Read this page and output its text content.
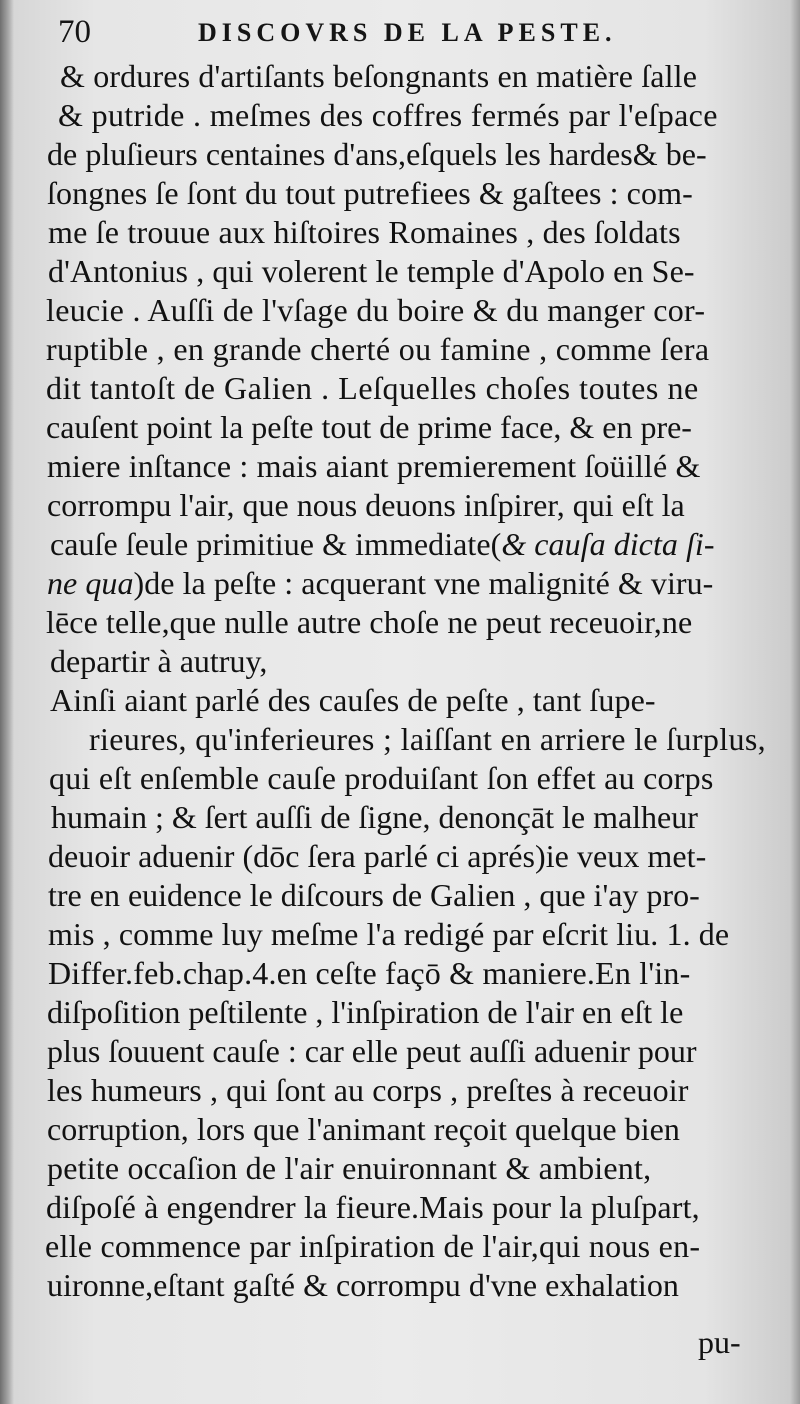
70	DISCOVRS DE LA PESTE.
& ordures d'artiſants beſongnants en matière ſalle
& putride . meſmes des coffres fermés par l'eſpace
de pluſieurs centaines d'ans,eſquels les hardes& be-
ſongnes ſe ſont du tout putrefiees & gaſtees : com-
me ſe trouue aux hiſtoires Romaines , des ſoldats
d'Antonius , qui volerent le temple d'Apolo en Se-
leucie . Auſſi de l'vſage du boire & du manger cor-
ruptible , en grande cherté ou famine , comme ſera
dit tantoſt de Galien . Leſquelles choſes toutes ne
cauſent point la peſte tout de prime face, & en pre-
miere inſtance : mais aiant premierement ſoüillé &
corrompu l'air, que nous deuons inſpirer, qui eſt la
cauſe ſeule primitiue & immediate(& cauſa dicta ſi-
ne qua)de la peſte : acquerant vne malignité & viru-
lēce telle,que nulle autre choſe ne peut receuoir,ne
departir à autruy,
Ainſi aiant parlé des cauſes de peſte , tant ſupe-
rieures, qu'inferieures ; laiſſant en arriere le ſurplus,
qui eſt enſemble cauſe produiſant ſon effet au corps
humain ; & ſert auſſi de ſigne, denonçāt le malheur
deuoir aduenir (dōc ſera parlé ci aprés)ie veux met-
tre en euidence le diſcours de Galien , que i'ay pro-
mis , comme luy meſme l'a redigé par eſcrit liu. 1. de
Differ.feb.chap.4.en ceſte façō & maniere.En l'in-
diſpoſition peſtilente , l'inſpiration de l'air en eſt le
plus ſouuent cauſe : car elle peut auſſi aduenir pour
les humeurs , qui ſont au corps , preſtes à receuoir
corruption, lors que l'animant reçoit quelque bien
petite occaſion de l'air enuironnant & ambient,
diſpoſé à engendrer la fieure.Mais pour la pluſpart,
elle commence par inſpiration de l'air,qui nous en-
uironne,eſtant gaſté & corrompu d'vne exhalation
pu-
